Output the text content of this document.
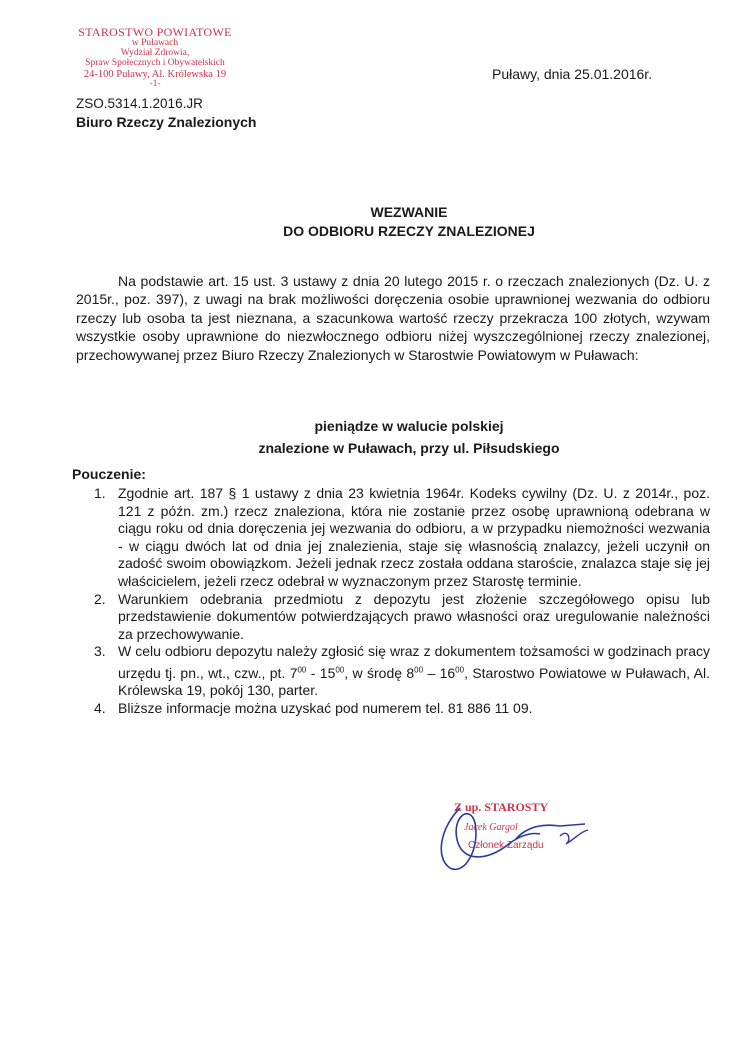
STAROSTWO POWIATOWE
w Puławach
Wydział Zdrowia,
Spraw Społecznych i Obywatelskich
24-100 Puławy, Al. Królewska 19
-1-
Puławy, dnia 25.01.2016r.
ZSO.5314.1.2016.JR
Biuro Rzeczy Znalezionych
WEZWANIE
DO ODBIORU RZECZY ZNALEZIONEJ

Na podstawie art. 15 ust. 3 ustawy z dnia 20 lutego 2015 r. o rzeczach znalezionych (Dz. U. z 2015r., poz. 397), z uwagi na brak możliwości doręczenia osobie uprawnionej wezwania do odbioru rzeczy lub osoba ta jest nieznana, a szacunkowa wartość rzeczy przekracza 100 złotych, wzywam wszystkie osoby uprawnione do niezwłocznego odbioru niżej wyszczególnionej rzeczy znalezionej, przechowywanej przez Biuro Rzeczy Znalezionych w Starostwie Powiatowym w Puławach:

pieniądze w walucie polskiej
znalezione w Puławach, przy ul. Piłsudskiego
Pouczenie:

1. Zgodnie art. 187 § 1 ustawy z dnia 23 kwietnia 1964r. Kodeks cywilny (Dz. U. z 2014r., poz. 121 z późn. zm.) rzecz znaleziona, która nie zostanie przez osobę uprawnioną odebrana w ciągu roku od dnia doręczenia jej wezwania do odbioru, a w przypadku niemożności wezwania - w ciągu dwóch lat od dnia jej znalezienia, staje się własnością znalazcy, jeżeli uczynił on zadość swoim obowiązkom. Jeżeli jednak rzecz została oddana staroście, znalazca staje się jej właścicielem, jeżeli rzecz odebrał w wyznaczonym przez Starostę terminie.

2. Warunkiem odebrania przedmiotu z depozytu jest złożenie szczegółowego opisu lub przedstawienie dokumentów potwierdzających prawo własności oraz uregulowanie należności za przechowywanie.

3. W celu odbioru depozytu należy zgłosić się wraz z dokumentem tożsamości w godzinach pracy urzędu tj. pn., wt., czw., pt. $7^{00} - 15^{00}$, w środę $8^{00} - 16^{00}$, Starostwo Powiatowe w Puławach, Al. Królewska 19, pokój 130, parter.

4. Bliższe informacje można uzyskać pod numerem tel. 81 886 11 09.

Z up. STAROSTY
Jacek Gargol
Członek Zarządu
